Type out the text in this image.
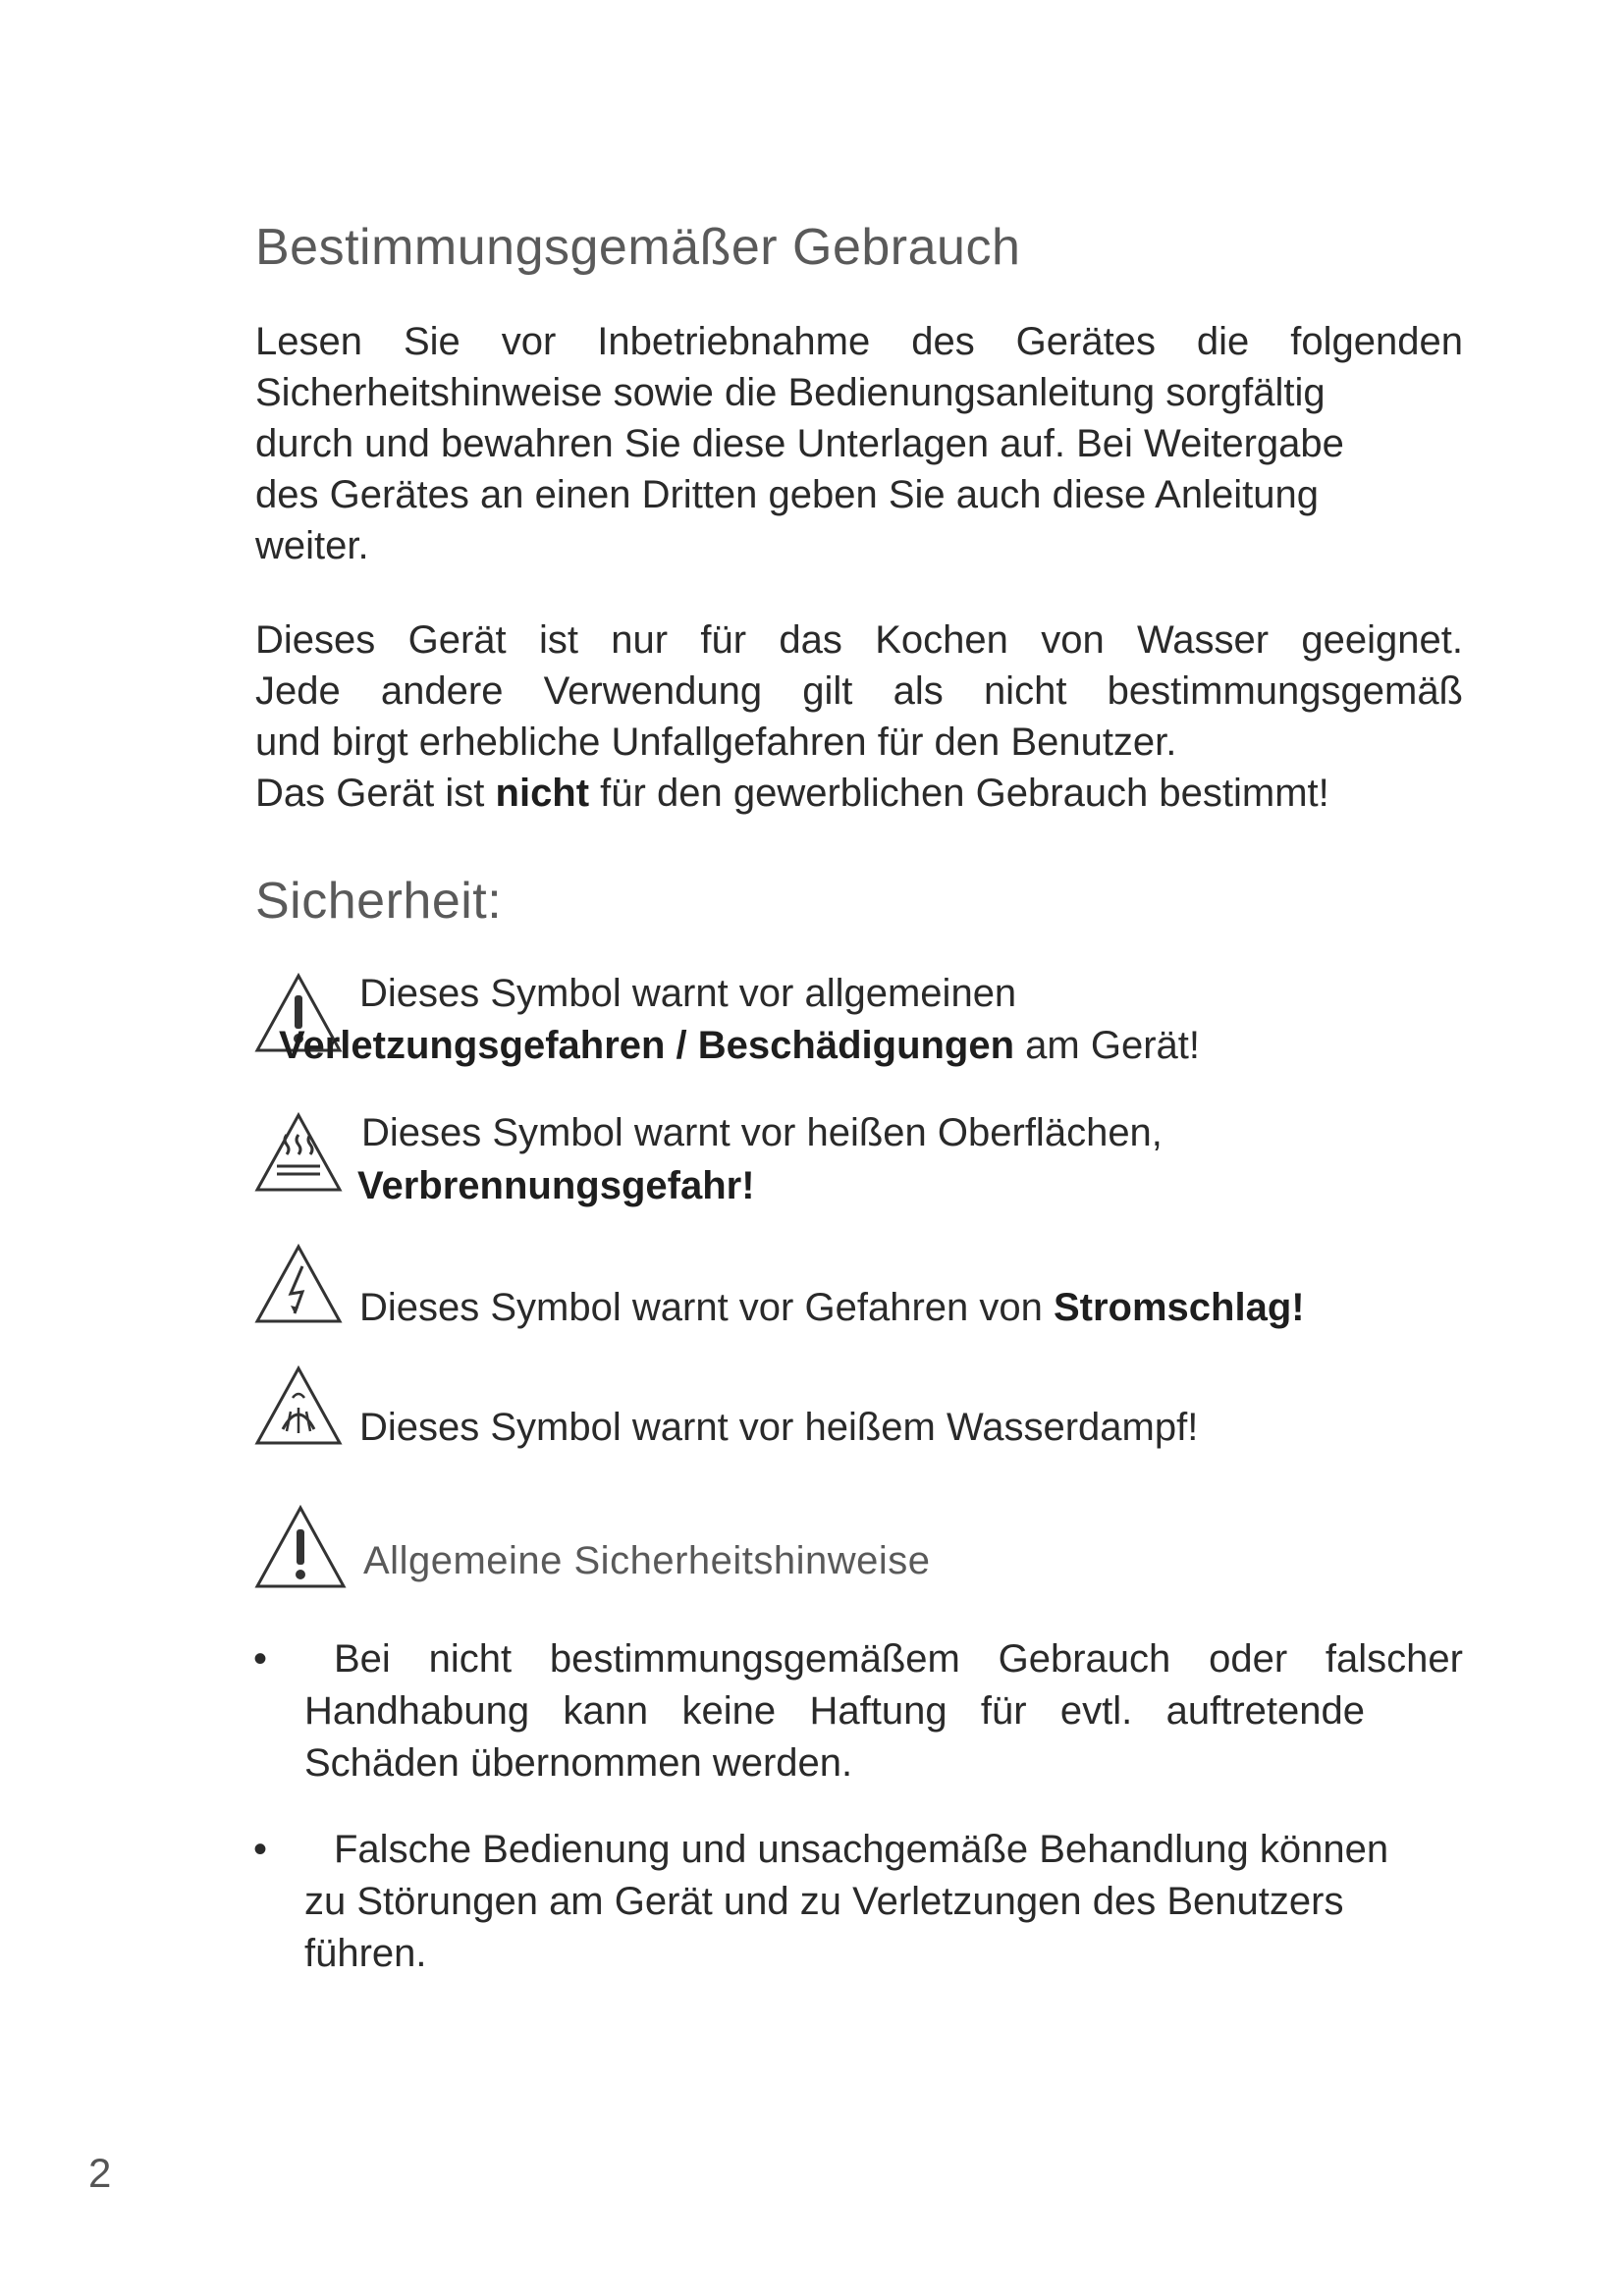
Bestimmungsgemäßer Gebrauch
Lesen Sie vor Inbetriebnahme des Gerätes die folgenden
Sicherheitshinweise sowie die Bedienungsanleitung sorgfältig
durch und bewahren Sie diese Unterlagen auf. Bei Weitergabe
des Gerätes an einen Dritten geben Sie auch diese Anleitung
weiter.
Dieses Gerät ist nur für das Kochen von Wasser geeignet.
Jede andere Verwendung gilt als nicht bestimmungsgemäß
und birgt erhebliche Unfallgefahren für den Benutzer.
Das Gerät ist nicht für den gewerblichen Gebrauch bestimmt!
Sicherheit:
Dieses Symbol warnt vor allgemeinen
Verletzungsgefahren / Beschädigungen am Gerät!
Dieses Symbol warnt vor heißen Oberflächen,
Verbrennungsgefahr!
Dieses Symbol warnt vor Gefahren von Stromschlag!
Dieses Symbol warnt vor heißem Wasserdampf!
Allgemeine Sicherheitshinweise
•	Bei nicht bestimmungsgemäßem Gebrauch oder falscher
Handhabung kann keine Haftung für evtl. auftretende
Schäden übernommen werden.
•	Falsche Bedienung und unsachgemäße Behandlung können
zu Störungen am Gerät und zu Verletzungen des Benutzers
führen.
2
